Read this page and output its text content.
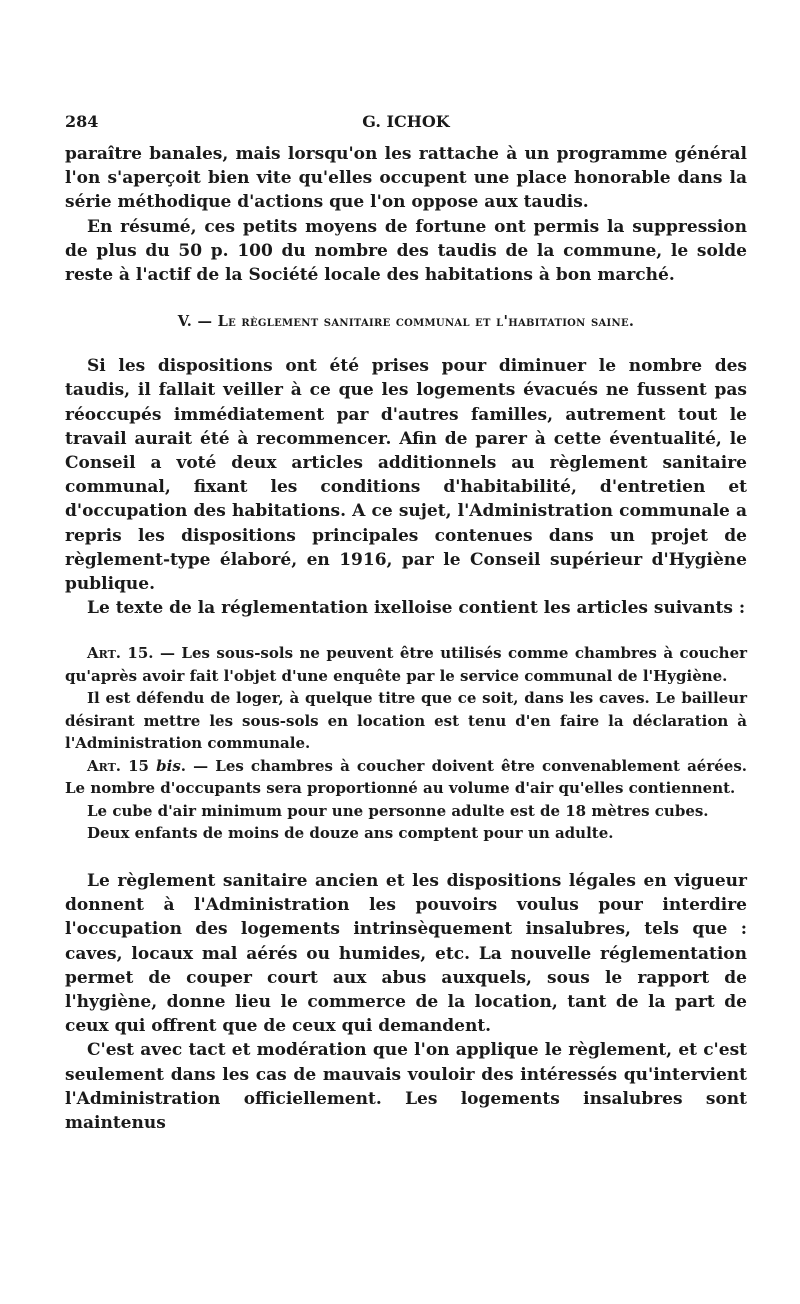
284	G. ICHOK

paraître banales, mais lorsqu'on les rattache à un programme général l'on s'aperçoit bien vite qu'elles occupent une place honorable dans la série méthodique d'actions que l'on oppose aux taudis.

En résumé, ces petits moyens de fortune ont permis la suppression de plus du 50 p. 100 du nombre des taudis de la commune, le solde reste à l'actif de la Société locale des habitations à bon marché.

V. — Le règlement sanitaire communal et l'habitation saine.

Si les dispositions ont été prises pour diminuer le nombre des taudis, il fallait veiller à ce que les logements évacués ne fussent pas réoccupés immédiatement par d'autres familles, autrement tout le travail aurait été à recommencer. Afin de parer à cette éventualité, le Conseil a voté deux articles additionnels au règlement sanitaire communal, fixant les conditions d'habitabilité, d'entretien et d'occupation des habitations. A ce sujet, l'Administration communale a repris les dispositions principales contenues dans un projet de règlement-type élaboré, en 1916, par le Conseil supérieur d'Hygiène publique.

Le texte de la réglementation ixelloise contient les articles suivants :

Art. 15. — Les sous-sols ne peuvent être utilisés comme chambres à coucher qu'après avoir fait l'objet d'une enquête par le service communal de l'Hygiène.

Il est défendu de loger, à quelque titre que ce soit, dans les caves. Le bailleur désirant mettre les sous-sols en location est tenu d'en faire la déclaration à l'Administration communale.

Art. 15 bis. — Les chambres à coucher doivent être convenablement aérées. Le nombre d'occupants sera proportionné au volume d'air qu'elles contiennent.

Le cube d'air minimum pour une personne adulte est de 18 mètres cubes.

Deux enfants de moins de douze ans comptent pour un adulte.

Le règlement sanitaire ancien et les dispositions légales en vigueur donnent à l'Administration les pouvoirs voulus pour interdire l'occupation des logements intrinsèquement insalubres, tels que : caves, locaux mal aérés ou humides, etc. La nouvelle réglementation permet de couper court aux abus auxquels, sous le rapport de l'hygiène, donne lieu le commerce de la location, tant de la part de ceux qui offrent que de ceux qui demandent.

C'est avec tact et modération que l'on applique le règlement, et c'est seulement dans les cas de mauvais vouloir des intéressés qu'intervient l'Administration officiellement. Les logements insalubres sont maintenus
